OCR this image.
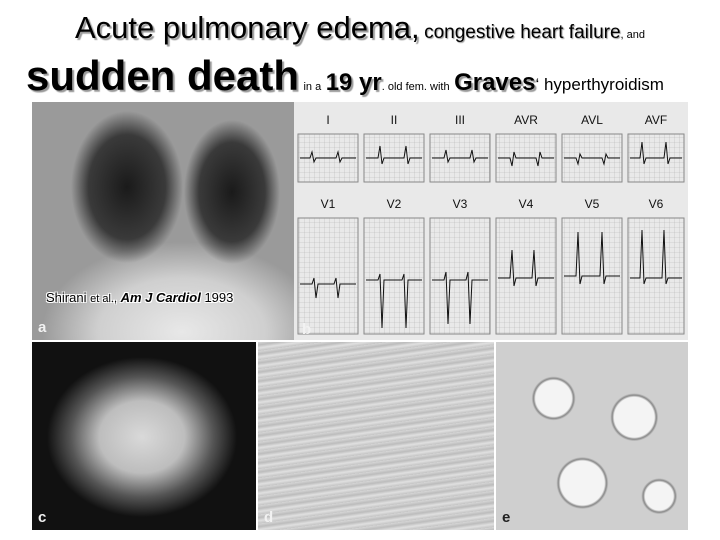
Acute pulmonary edema, congestive heart failure, and
sudden death in a 19 yr. old fem. with Graves‘ hyperthyroidism
Shirani et al., Am J Cardiol 1993
a
I	II	III	AVR	AVL	AVF
V1	V2	V3	V4	V5	V6
b
c	d	e
